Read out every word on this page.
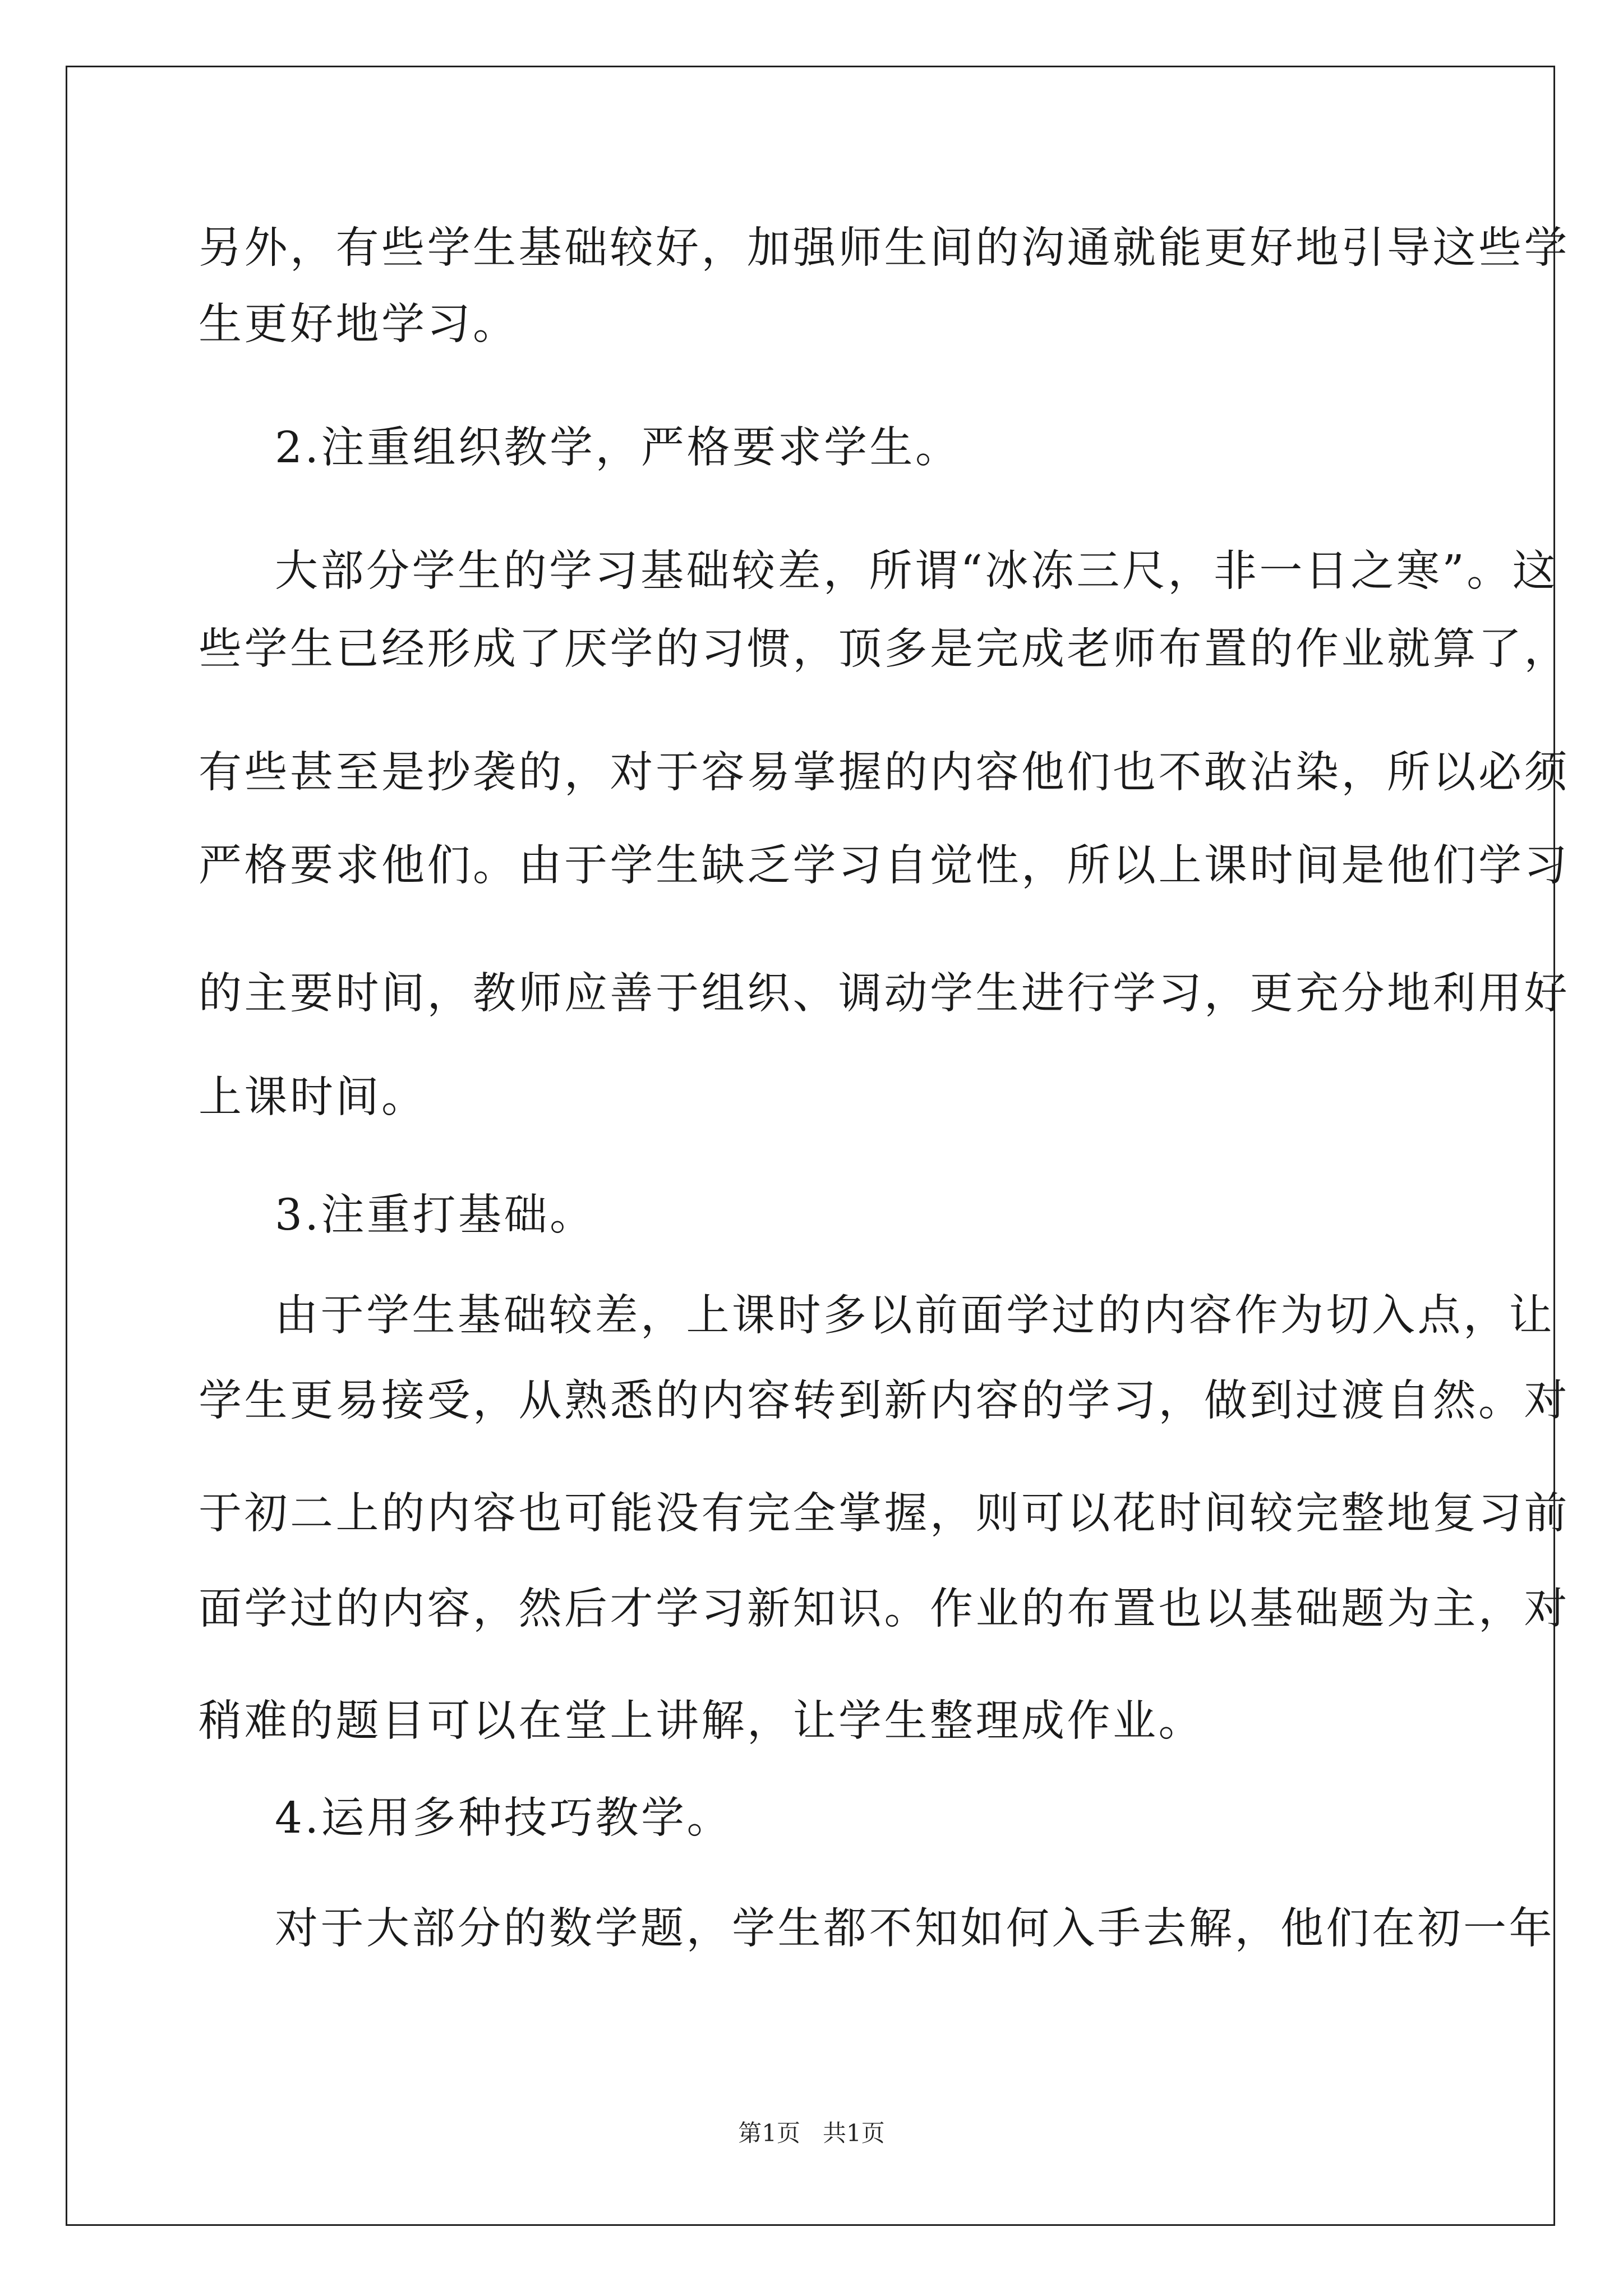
另外，有些学生基础较好，加强师生间的沟通就能更好地引导这些学
生更好地学习。
2.注重组织教学，严格要求学生。
大部分学生的学习基础较差，所谓“冰冻三尺，非一日之寒”。这
些学生已经形成了厌学的习惯，顶多是完成老师布置的作业就算了，
有些甚至是抄袭的，对于容易掌握的内容他们也不敢沾染，所以必须
严格要求他们。由于学生缺乏学习自觉性，所以上课时间是他们学习
的主要时间，教师应善于组织、调动学生进行学习，更充分地利用好
上课时间。
3.注重打基础。
由于学生基础较差，上课时多以前面学过的内容作为切入点，让
学生更易接受，从熟悉的内容转到新内容的学习，做到过渡自然。对
于初二上的内容也可能没有完全掌握，则可以花时间较完整地复习前
面学过的内容，然后才学习新知识。作业的布置也以基础题为主，对
稍难的题目可以在堂上讲解，让学生整理成作业。
4.运用多种技巧教学。
对于大部分的数学题，学生都不知如何入手去解，他们在初一年
第1页   共1页
